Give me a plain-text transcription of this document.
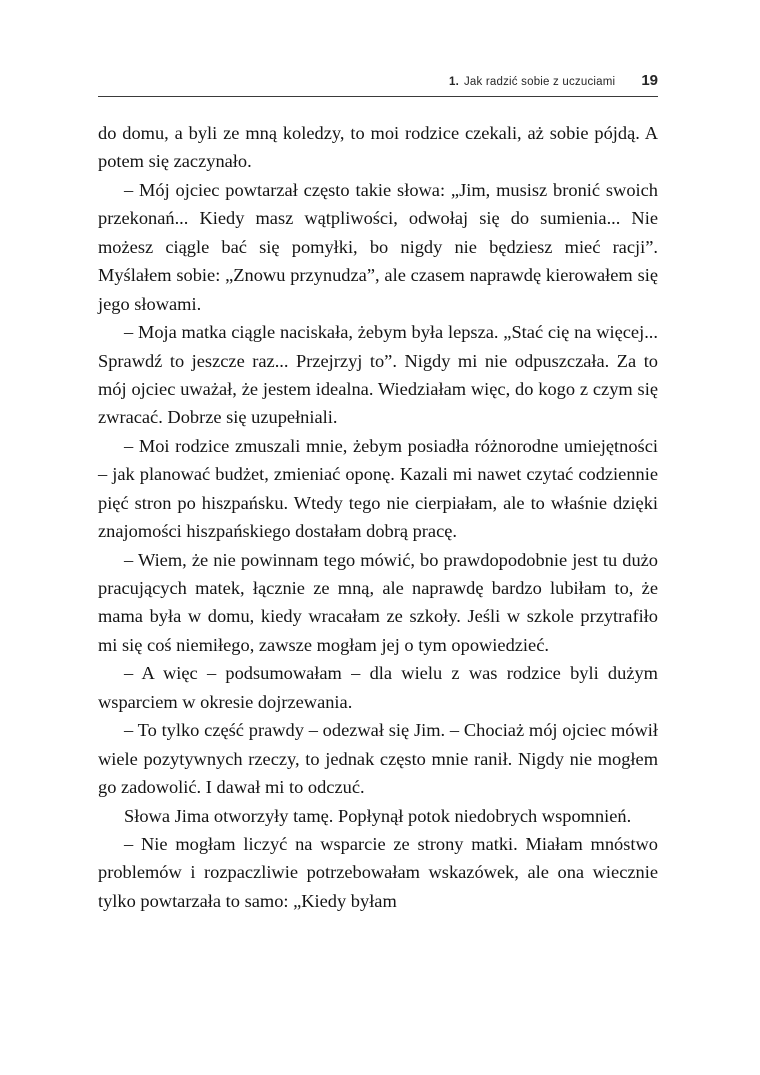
1. Jak radzić sobie z uczuciami 19

do domu, a byli ze mną koledzy, to moi rodzice czekali, aż sobie pójdą. A potem się zaczynało.

– Mój ojciec powtarzał często takie słowa: „Jim, musisz bronić swoich przekonań... Kiedy masz wątpliwości, odwołaj się do sumienia... Nie możesz ciągle bać się pomyłki, bo nigdy nie będziesz mieć racji”. Myślałem sobie: „Znowu przynudza”, ale czasem naprawdę kierowałem się jego słowami.

– Moja matka ciągle naciskała, żebym była lepsza. „Stać cię na więcej... Sprawdź to jeszcze raz... Przejrzyj to”. Nigdy mi nie odpuszczała. Za to mój ojciec uważał, że jestem idealna. Wiedziałam więc, do kogo z czym się zwracać. Dobrze się uzupełniali.

– Moi rodzice zmuszali mnie, żebym posiadła różnorodne umiejętności – jak planować budżet, zmieniać oponę. Kazali mi nawet czytać codziennie pięć stron po hiszpańsku. Wtedy tego nie cierpiałam, ale to właśnie dzięki znajomości hiszpańskiego dostałam dobrą pracę.

– Wiem, że nie powinnam tego mówić, bo prawdopodobnie jest tu dużo pracujących matek, łącznie ze mną, ale naprawdę bardzo lubiłam to, że mama była w domu, kiedy wracałam ze szkoły. Jeśli w szkole przytrafiło mi się coś niemiłego, zawsze mogłam jej o tym opowiedzieć.

– A więc – podsumowałam – dla wielu z was rodzice byli dużym wsparciem w okresie dojrzewania.

– To tylko część prawdy – odezwał się Jim. – Chociaż mój ojciec mówił wiele pozytywnych rzeczy, to jednak często mnie ranił. Nigdy nie mogłem go zadowolić. I dawał mi to odczuć.

Słowa Jima otworzyły tamę. Popłynął potok niedobrych wspomnień.

– Nie mogłam liczyć na wsparcie ze strony matki. Miałam mnóstwo problemów i rozpaczliwie potrzebowałam wskazówek, ale ona wiecznie tylko powtarzała to samo: „Kiedy byłam
